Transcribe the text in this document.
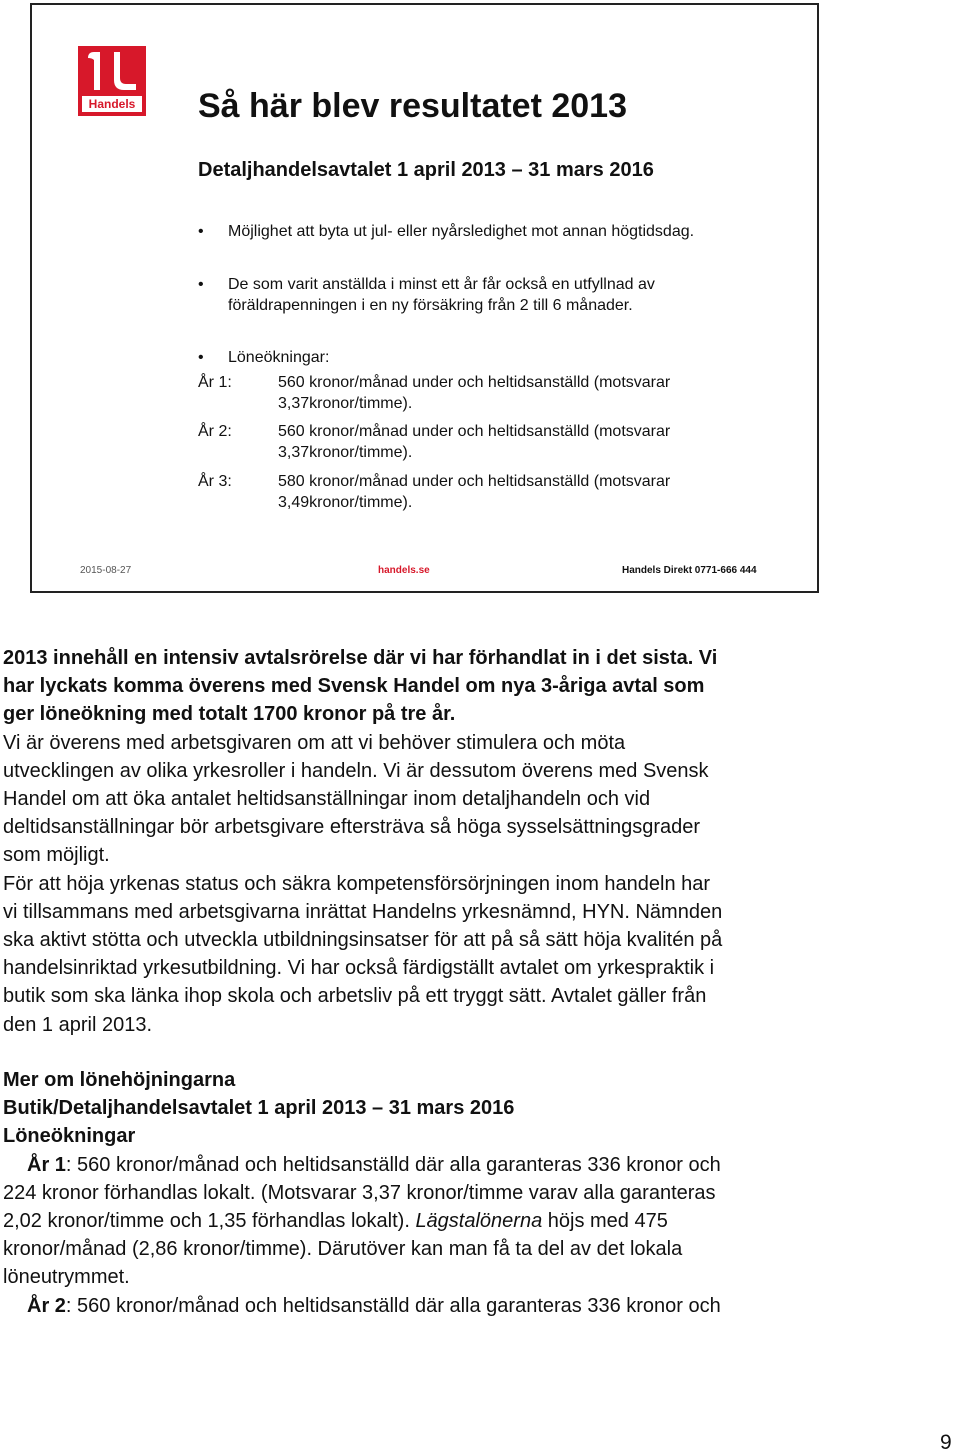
Handels Så här blev resultatet 2013
Detaljhandelsavtalet 1 april 2013 – 31 mars 2016
• Möjlighet att byta ut jul- eller nyårsledighet mot annan högtidsdag.
• De som varit anställda i minst ett år får också en utfyllnad av
föräldrapenningen i en ny försäkring från 2 till 6 månader.
• Löneökningar:
År 1:	560 kronor/månad under och heltidsanställd (motsvarar
3,37kronor/timme).
År 2:	560 kronor/månad under och heltidsanställd (motsvarar
3,37kronor/timme).
År 3:	580 kronor/månad under och heltidsanställd (motsvarar
3,49kronor/timme).
2015-08-27	handels.se	Handels Direkt 0771-666 444
2013 innehåll en intensiv avtalsrörelse där vi har förhandlat in i det sista. Vi
har lyckats komma överens med Svensk Handel om nya 3-åriga avtal som
ger löneökning med totalt 1700 kronor på tre år.
Vi är överens med arbetsgivaren om att vi behöver stimulera och möta
utvecklingen av olika yrkesroller i handeln. Vi är dessutom överens med Svensk
Handel om att öka antalet heltidsanställningar inom detaljhandeln och vid
deltidsanställningar bör arbetsgivare eftersträva så höga sysselsättningsgrader
som möjligt.
För att höja yrkenas status och säkra kompetensförsörjningen inom handeln har
vi tillsammans med arbetsgivarna inrättat Handelns yrkesnämnd, HYN. Nämnden
ska aktivt stötta och utveckla utbildningsinsatser för att på så sätt höja kvalitén på
handelsinriktad yrkesutbildning. Vi har också färdigställt avtalet om yrkespraktik i
butik som ska länka ihop skola och arbetsliv på ett tryggt sätt. Avtalet gäller från
den 1 april 2013.
Mer om lönehöjningarna
Butik/Detaljhandelsavtalet 1 april 2013 – 31 mars 2016
Löneökningar
År 1: 560 kronor/månad och heltidsanställd där alla garanteras 336 kronor och
224 kronor förhandlas lokalt. (Motsvarar 3,37 kronor/timme varav alla garanteras
2,02 kronor/timme och 1,35 förhandlas lokalt). Lägstalönerna höjs med 475
kronor/månad (2,86 kronor/timme). Därutöver kan man få ta del av det lokala
löneutrymmet.
År 2: 560 kronor/månad och heltidsanställd där alla garanteras 336 kronor och
9
